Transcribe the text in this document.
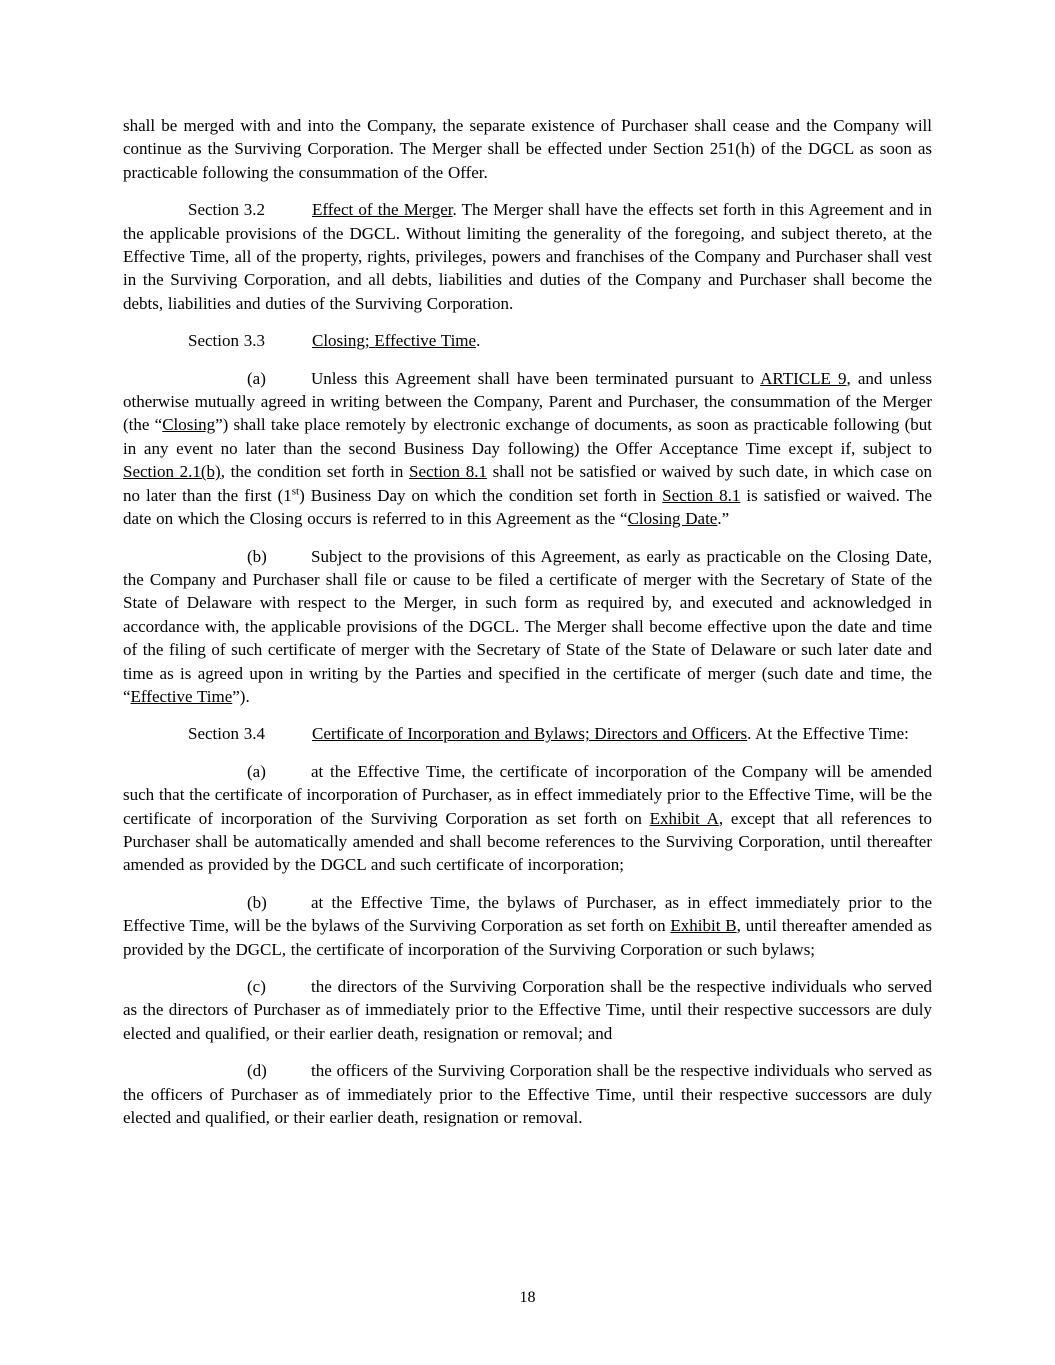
shall be merged with and into the Company, the separate existence of Purchaser shall cease and the Company will continue as the Surviving Corporation. The Merger shall be effected under Section 251(h) of the DGCL as soon as practicable following the consummation of the Offer.

Section 3.2	Effect of the Merger. The Merger shall have the effects set forth in this Agreement and in the applicable provisions of the DGCL. Without limiting the generality of the foregoing, and subject thereto, at the Effective Time, all of the property, rights, privileges, powers and franchises of the Company and Purchaser shall vest in the Surviving Corporation, and all debts, liabilities and duties of the Company and Purchaser shall become the debts, liabilities and duties of the Surviving Corporation.

Section 3.3	Closing; Effective Time.

(a)	Unless this Agreement shall have been terminated pursuant to ARTICLE 9, and unless otherwise mutually agreed in writing between the Company, Parent and Purchaser, the consummation of the Merger (the “Closing”) shall take place remotely by electronic exchange of documents, as soon as practicable following (but in any event no later than the second Business Day following) the Offer Acceptance Time except if, subject to Section 2.1(b), the condition set forth in Section 8.1 shall not be satisfied or waived by such date, in which case on no later than the first (1st) Business Day on which the condition set forth in Section 8.1 is satisfied or waived. The date on which the Closing occurs is referred to in this Agreement as the “Closing Date.”

(b)	Subject to the provisions of this Agreement, as early as practicable on the Closing Date, the Company and Purchaser shall file or cause to be filed a certificate of merger with the Secretary of State of the State of Delaware with respect to the Merger, in such form as required by, and executed and acknowledged in accordance with, the applicable provisions of the DGCL. The Merger shall become effective upon the date and time of the filing of such certificate of merger with the Secretary of State of the State of Delaware or such later date and time as is agreed upon in writing by the Parties and specified in the certificate of merger (such date and time, the “Effective Time”).

Section 3.4	Certificate of Incorporation and Bylaws; Directors and Officers. At the Effective Time:

(a)	at the Effective Time, the certificate of incorporation of the Company will be amended such that the certificate of incorporation of Purchaser, as in effect immediately prior to the Effective Time, will be the certificate of incorporation of the Surviving Corporation as set forth on Exhibit A, except that all references to Purchaser shall be automatically amended and shall become references to the Surviving Corporation, until thereafter amended as provided by the DGCL and such certificate of incorporation;

(b)	at the Effective Time, the bylaws of Purchaser, as in effect immediately prior to the Effective Time, will be the bylaws of the Surviving Corporation as set forth on Exhibit B, until thereafter amended as provided by the DGCL, the certificate of incorporation of the Surviving Corporation or such bylaws;

(c)	the directors of the Surviving Corporation shall be the respective individuals who served as the directors of Purchaser as of immediately prior to the Effective Time, until their respective successors are duly elected and qualified, or their earlier death, resignation or removal; and

(d)	the officers of the Surviving Corporation shall be the respective individuals who served as the officers of Purchaser as of immediately prior to the Effective Time, until their respective successors are duly elected and qualified, or their earlier death, resignation or removal.

18
